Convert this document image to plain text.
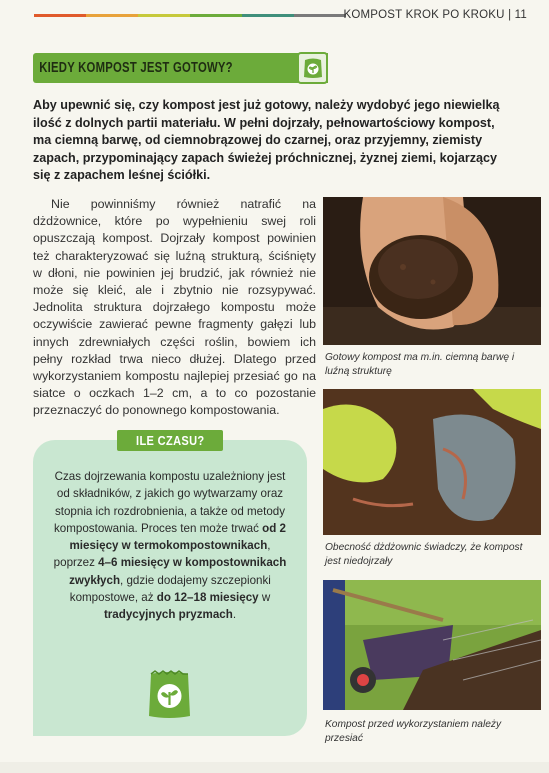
KOMPOST KROK PO KROKU | 11
KIEDY KOMPOST JEST GOTOWY?

Aby upewnić się, czy kompost jest już gotowy, należy wydobyć jego niewielką ilość z dolnych partii materiału. W pełni dojrzały, pełnowartościowy kompost, ma ciemną barwę, od ciemnobrązowej do czarnej, oraz przyjemny, ziemisty zapach, przypominający zapach świeżej próchnicznej, żyznej ziemi, kojarzący się z zapachem leśnej ściółki.

Nie powinniśmy również natrafić na dżdżownice, które po wypełnieniu swej roli opuszczają kompost. Dojrzały kompost powinien też charakteryzować się luźną strukturą, ściśnięty w dłoni, nie powinien jej brudzić, jak również nie może się kleić, ale i zbytnio nie rozsypywać. Jednolita struktura dojrzałego kompostu może oczywiście zawierać pewne fragmenty gałęzi lub innych zdrewniałych części roślin, bowiem ich pełny rozkład trwa nieco dłużej. Dlatego przed wykorzystaniem kompostu najlepiej przesiać go na siatce o oczkach 1–2 cm, a to co pozostanie przeznaczyć do ponownego kompostowania.

Czas dojrzewania kompostu uzależniony jest od składników, z jakich go wytwarzamy oraz stopnia ich rozdrobnienia, a także od metody kompostowania. Proces ten może trwać od 2 miesięcy w termokompostownikach, poprzez 4–6 miesięcy w kompostownikach zwykłych, gdzie dodajemy szczepionki kompostowe, aż do 12–18 miesięcy w tradycyjnych pryzmach.
ILE CZASU?
Gotowy kompost ma m.in. ciemną barwę i luźną strukturę
Obecność dżdżownic świadczy, że kompost jest niedojrzały
Kompost przed wykorzystaniem należy przesiać
